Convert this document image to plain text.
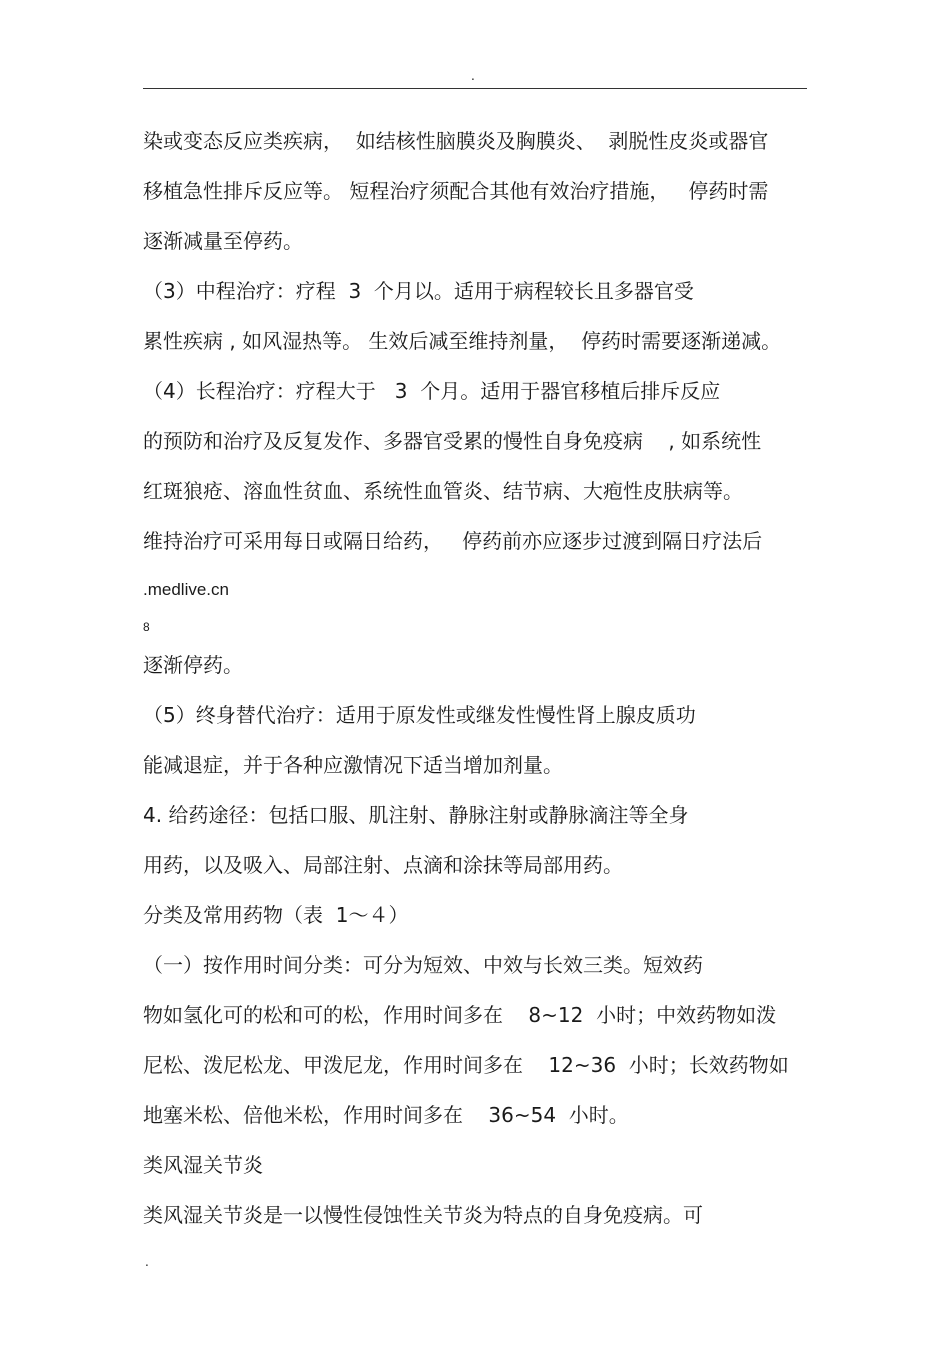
.

染或变态反应类疾病，  如结核性脑膜炎及胸膜炎、  剥脱性皮炎或器官

移植急性排斥反应等。 短程治疗须配合其他有效治疗措施，   停药时需

逐渐减量至停药。

（3）中程治疗：疗程  3  个月以。适用于病程较长且多器官受

累性疾病 , 如风湿热等。 生效后减至维持剂量，  停药时需要逐渐递减。

（4）长程治疗：疗程大于   3  个月。适用于器官移植后排斥反应

的预防和治疗及反复发作、多器官受累的慢性自身免疫病    , 如系统性

红斑狼疮、溶血性贫血、系统性血管炎、结节病、大疱性皮肤病等。

维持治疗可采用每日或隔日给药，   停药前亦应逐步过渡到隔日疗法后

.medlive.cn

8

逐渐停药。

（5）终身替代治疗：适用于原发性或继发性慢性肾上腺皮质功

能减退症，并于各种应激情况下适当增加剂量。

4. 给药途径：包括口服、肌注射、静脉注射或静脉滴注等全身

用药，以及吸入、局部注射、点滴和涂抹等局部用药。

分类及常用药物（表  1～４）

（一）按作用时间分类：可分为短效、中效与长效三类。短效药

物如氢化可的松和可的松，作用时间多在    8~12  小时；中效药物如泼

尼松、泼尼松龙、甲泼尼龙，作用时间多在    12~36  小时；长效药物如

地塞米松、倍他米松，作用时间多在    36~54  小时。

类风湿关节炎

类风湿关节炎是一以慢性侵蚀性关节炎为特点的自身免疫病。可

.
